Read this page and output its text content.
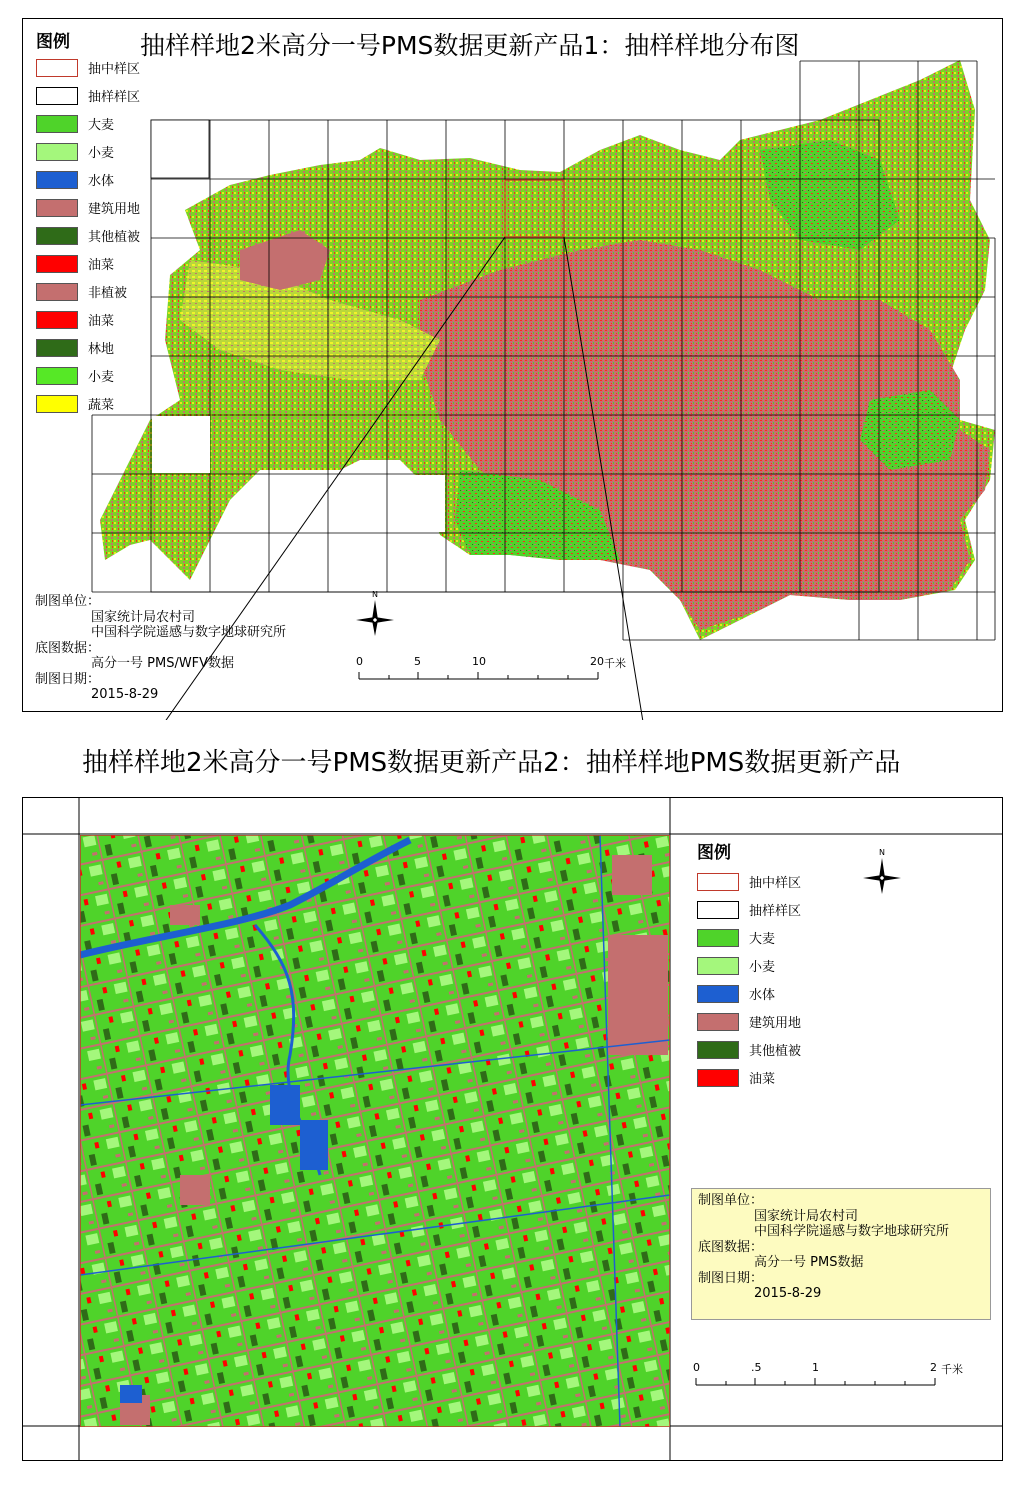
抽样样地2米高分一号PMS数据更新产品1：抽样样地分布图
图例
抽中样区
抽样样区
大麦
小麦
水体
建筑用地
其他植被
油菜
非植被
油菜
林地
小麦
蔬菜
制图单位：
国家统计局农村司
中国科学院遥感与数字地球研究所
底图数据：
高分一号 PMS/WFV数据
制图日期：
2015-8-29
N
0	5	10	20 千米
抽样样地2米高分一号PMS数据更新产品2：抽样样地PMS数据更新产品
图例
抽中样区
抽样样区
大麦
小麦
水体
建筑用地
其他植被
油菜
N
制图单位：
国家统计局农村司
中国科学院遥感与数字地球研究所
底图数据：
高分一号 PMS数据
制图日期：
2015-8-29
0	.5	1	2 千米
